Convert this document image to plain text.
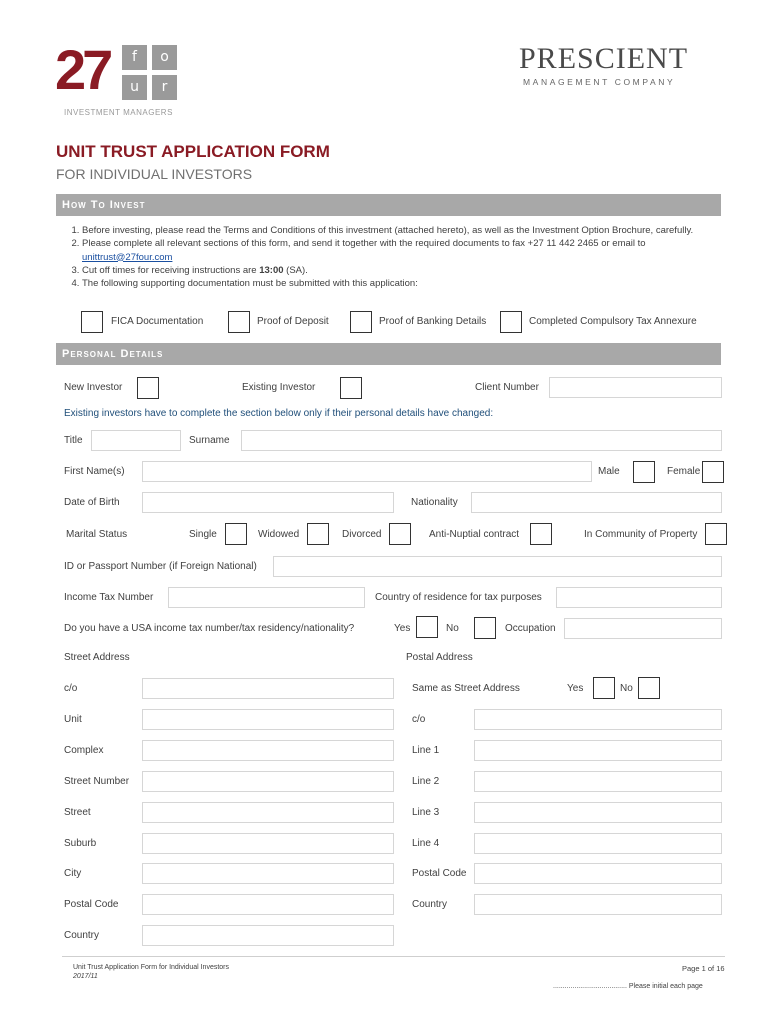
27	f	o
u	r
INVESTMENT MANAGERS
PRESCIENT
MANAGEMENT COMPANY
UNIT TRUST APPLICATION FORM
FOR INDIVIDUAL INVESTORS
How To Invest
1. Before investing, please read the Terms and Conditions of this investment (attached hereto), as well as the Investment Option Brochure, carefully.
2. Please complete all relevant sections of this form, and send it together with the required documents to fax +27 11 442 2465 or email to unittrust@27four.com
3. Cut off times for receiving instructions are 13:00 (SA).
4. The following supporting documentation must be submitted with this application:
FICA Documentation	Proof of Deposit	Proof of Banking Details	Completed Compulsory Tax Annexure
Personal Details
New Investor	Existing Investor	Client Number
Existing investors have to complete the section below only if their personal details have changed:
Title	Surname
First Name(s)	Male	Female
Date of Birth	Nationality
Marital Status	Single	Widowed	Divorced	Anti-Nuptial contract	In Community of Property
ID or Passport Number (if Foreign National)
Income Tax Number	Country of residence for tax purposes
Do you have a USA income tax number/tax residency/nationality?	Yes	No	Occupation
Street Address	Postal Address
c/o
Unit
Complex
Street Number
Street
Suburb
City
Postal Code
Country
Same as Street Address	Yes	No
c/o
Line 1
Line 2
Line 3
Line 4
Postal Code
Country
Unit Trust Application Form for Individual Investors
2017/11
Page 1 of 16
...................................... Please initial each page
